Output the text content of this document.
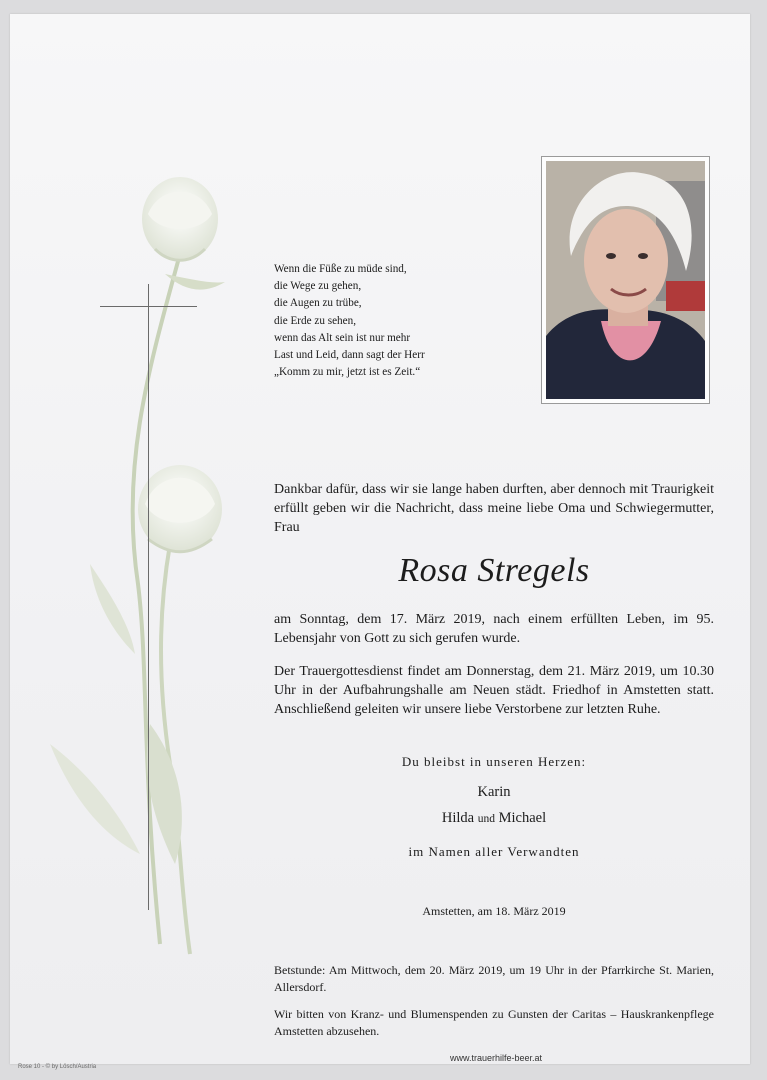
Wenn die Füße zu müde sind,
die Wege zu gehen,
die Augen zu trübe,
die Erde zu sehen,
wenn das Alt sein ist nur mehr
Last und Leid, dann sagt der Herr
„Komm zu mir, jetzt ist es Zeit.“
Dankbar dafür, dass wir sie lange haben durften, aber dennoch mit Traurigkeit erfüllt geben wir die Nachricht, dass meine liebe Oma und Schwiegermutter, Frau
Rosa Stregels
am Sonntag, dem 17. März 2019, nach einem erfüllten Leben, im 95. Lebensjahr von Gott zu sich gerufen wurde.
Der Trauergottesdienst findet am Donnerstag, dem 21. März 2019, um 10.30 Uhr in der Aufbahrungshalle am Neuen städt. Friedhof in Amstetten statt. Anschließend geleiten wir unsere liebe Verstorbene zur letzten Ruhe.
Du bleibst in unseren Herzen:
Karin
Hilda und Michael
im Namen aller Verwandten
Amstetten, am 18. März 2019
Betstunde: Am Mittwoch, dem 20. März 2019, um 19 Uhr in der Pfarrkirche St. Marien, Allersdorf.
Wir bitten von Kranz- und Blumenspenden zu Gunsten der Caritas – Hauskrankenpflege Amstetten abzusehen.
www.trauerhilfe-beer.at
Rose 10 - © by Lösch/Austria
